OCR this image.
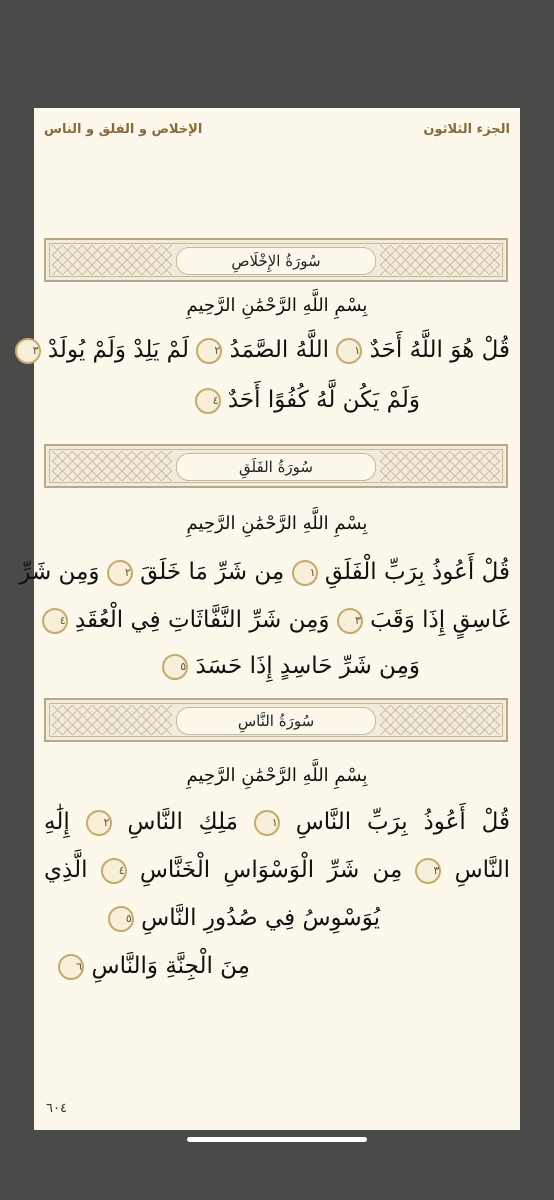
الإخلاص و الفلق و الناس	الجزء الثلاثون
سُورَةُ الإِخْلَاصِ
بِسْمِ اللَّهِ الرَّحْمَٰنِ الرَّحِيمِ
قُلْ هُوَ اللَّهُ أَحَدٌ ١ اللَّهُ الصَّمَدُ ٢ لَمْ يَلِدْ وَلَمْ يُولَدْ ٣
وَلَمْ يَكُن لَّهُ كُفُوًا أَحَدٌ ٤
سُورَةُ الفَلَقِ
بِسْمِ اللَّهِ الرَّحْمَٰنِ الرَّحِيمِ
قُلْ أَعُوذُ بِرَبِّ الْفَلَقِ ١ مِن شَرِّ مَا خَلَقَ ٢ وَمِن شَرِّ
غَاسِقٍ إِذَا وَقَبَ ٣ وَمِن شَرِّ النَّفَّاثَاتِ فِي الْعُقَدِ ٤
وَمِن شَرِّ حَاسِدٍ إِذَا حَسَدَ ٥
سُورَةُ النَّاسِ
بِسْمِ اللَّهِ الرَّحْمَٰنِ الرَّحِيمِ
قُلْ أَعُوذُ بِرَبِّ النَّاسِ ١ مَلِكِ النَّاسِ ٢ إِلَٰهِ
النَّاسِ ٣ مِن شَرِّ الْوَسْوَاسِ الْخَنَّاسِ ٤ الَّذِي
يُوَسْوِسُ فِي صُدُورِ النَّاسِ ٥
مِنَ الْجِنَّةِ وَالنَّاسِ ٦
٦٠٤
